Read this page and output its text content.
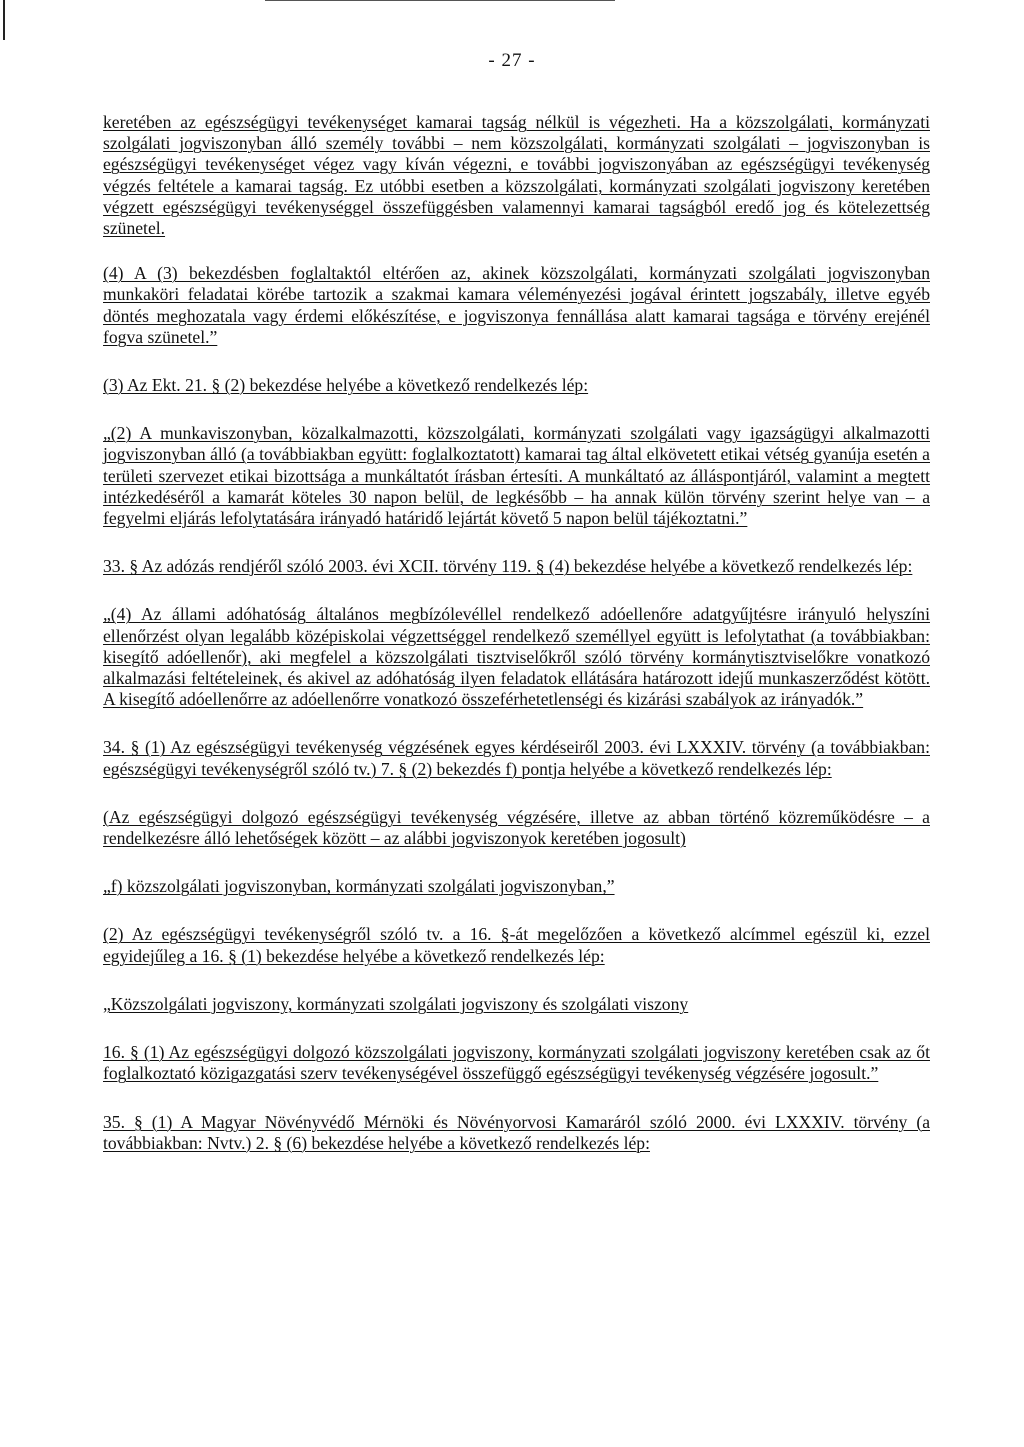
- 27 -

keretében az egészségügyi tevékenységet kamarai tagság nélkül is végezheti. Ha a közszolgálati, kormányzati szolgálati jogviszonyban álló személy további – nem közszolgálati, kormányzati szolgálati – jogviszonyban is egészségügyi tevékenységet végez vagy kíván végezni, e további jogviszonyában az egészségügyi tevékenység végzés feltétele a kamarai tagság. Ez utóbbi esetben a közszolgálati, kormányzati szolgálati jogviszony keretében végzett egészségügyi tevékenységgel összefüggésben valamennyi kamarai tagságból eredő jog és kötelezettség szünetel.

(4) A (3) bekezdésben foglaltaktól eltérően az, akinek közszolgálati, kormányzati szolgálati jogviszonyban munkaköri feladatai körébe tartozik a szakmai kamara véleményezési jogával érintett jogszabály, illetve egyéb döntés meghozatala vagy érdemi előkészítése, e jogviszonya fennállása alatt kamarai tagsága e törvény erejénél fogva szünetel.”

(3) Az Ekt. 21. § (2) bekezdése helyébe a következő rendelkezés lép:

„(2) A munkaviszonyban, közalkalmazotti, közszolgálati, kormányzati szolgálati vagy igazságügyi alkalmazotti jogviszonyban álló (a továbbiakban együtt: foglalkoztatott) kamarai tag által elkövetett etikai vétség gyanúja esetén a területi szervezet etikai bizottsága a munkáltatót írásban értesíti. A munkáltató az álláspontjáról, valamint a megtett intézkedéséről a kamarát köteles 30 napon belül, de legkésőbb – ha annak külön törvény szerint helye van – a fegyelmi eljárás lefolytatására irányadó határidő lejártát követő 5 napon belül tájékoztatni.”

33. § Az adózás rendjéről szóló 2003. évi XCII. törvény 119. § (4) bekezdése helyébe a következő rendelkezés lép:

„(4) Az állami adóhatóság általános megbízólevéllel rendelkező adóellenőre adatgyűjtésre irányuló helyszíni ellenőrzést olyan legalább középiskolai végzettséggel rendelkező személlyel együtt is lefolytathat (a továbbiakban: kisegítő adóellenőr), aki megfelel a közszolgálati tisztviselőkről szóló törvény kormánytisztviselőkre vonatkozó alkalmazási feltételeinek, és akivel az adóhatóság ilyen feladatok ellátására határozott idejű munkaszerződést kötött. A kisegítő adóellenőrre az adóellenőrre vonatkozó összeférhetetlenségi és kizárási szabályok az irányadók.”

34. § (1) Az egészségügyi tevékenység végzésének egyes kérdéseiről 2003. évi LXXXIV. törvény (a továbbiakban: egészségügyi tevékenységről szóló tv.) 7. § (2) bekezdés f) pontja helyébe a következő rendelkezés lép:

(Az egészségügyi dolgozó egészségügyi tevékenység végzésére, illetve az abban történő közreműködésre – a rendelkezésre álló lehetőségek között – az alábbi jogviszonyok keretében jogosult)

„f) közszolgálati jogviszonyban, kormányzati szolgálati jogviszonyban,”

(2) Az egészségügyi tevékenységről szóló tv. a 16. §-át megelőzően a következő alcímmel egészül ki, ezzel egyidejűleg a 16. § (1) bekezdése helyébe a következő rendelkezés lép:

„Közszolgálati jogviszony, kormányzati szolgálati jogviszony és szolgálati viszony

16. § (1) Az egészségügyi dolgozó közszolgálati jogviszony, kormányzati szolgálati jogviszony keretében csak az őt foglalkoztató közigazgatási szerv tevékenységével összefüggő egészségügyi tevékenység végzésére jogosult.”

35. § (1) A Magyar Növényvédő Mérnöki és Növényorvosi Kamaráról szóló 2000. évi LXXXIV. törvény (a továbbiakban: Nvtv.) 2. § (6) bekezdése helyébe a következő rendelkezés lép:
